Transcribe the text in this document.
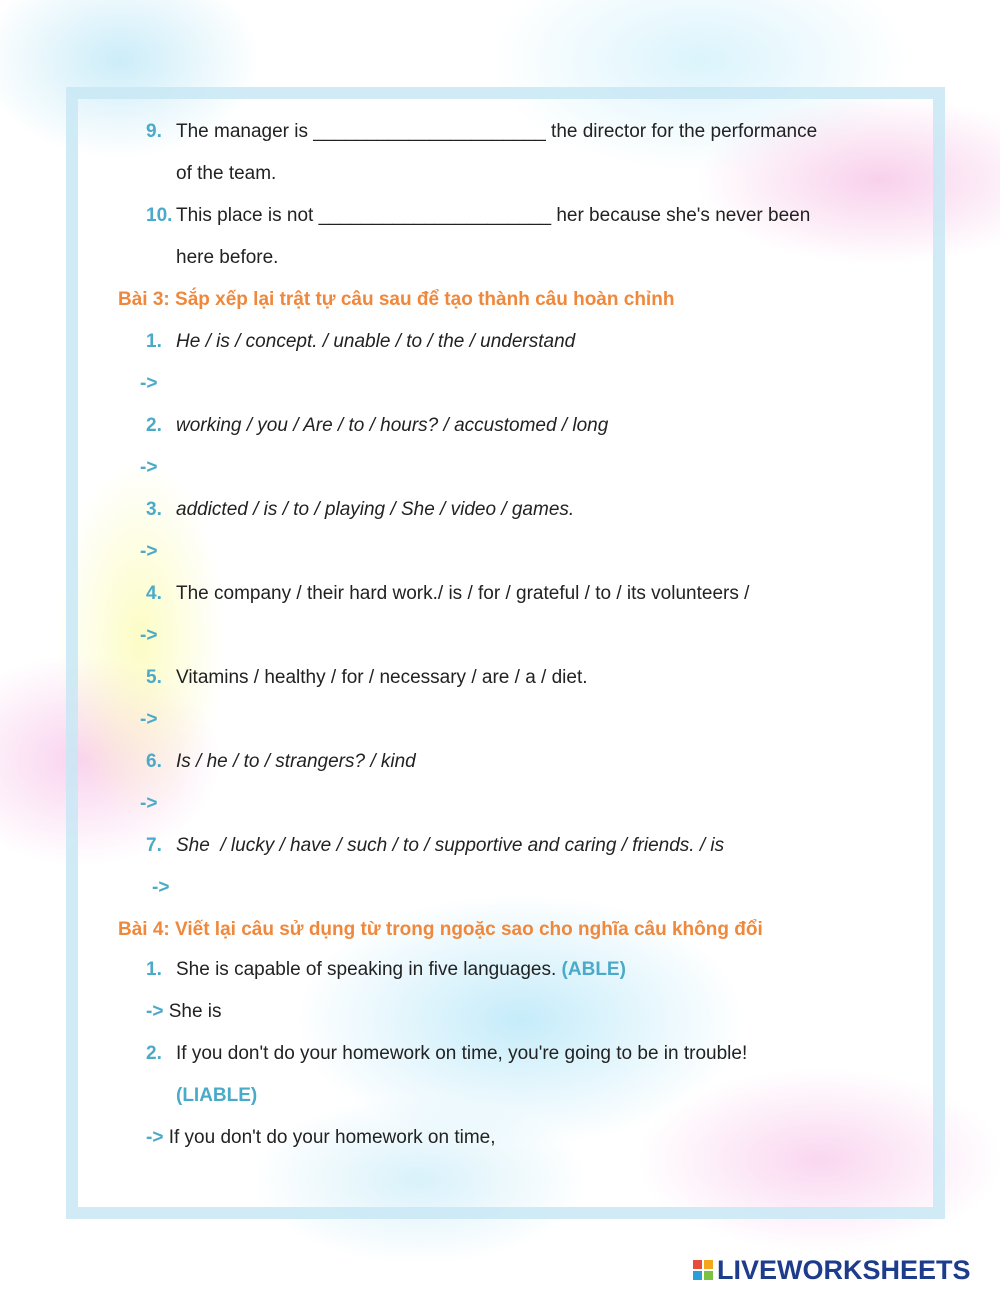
9. The manager is ______________________ the director for the performance
of the team.
10. This place is not ______________________ her because she's never been
here before.
Bài 3: Sắp xếp lại trật tự câu sau để tạo thành câu hoàn chỉnh
1. He / is / concept. / unable / to / the / understand
->
2. working / you / Are / to / hours? / accustomed / long
->
3. addicted / is / to / playing / She / video / games.
->
4. The company / their hard work./ is / for / grateful / to / its volunteers /
->
5. Vitamins / healthy / for / necessary / are / a / diet.
->
6. Is / he / to / strangers? / kind
->
7. She  / lucky / have / such / to / supportive and caring / friends. / is
->
Bài 4: Viết lại câu sử dụng từ trong ngoặc sao cho nghĩa câu không đổi
1. She is capable of speaking in five languages. (ABLE)
-> She is
2. If you don't do your homework on time, you're going to be in trouble!
(LIABLE)
-> If you don't do your homework on time,
LIVEWORKSHEETS
